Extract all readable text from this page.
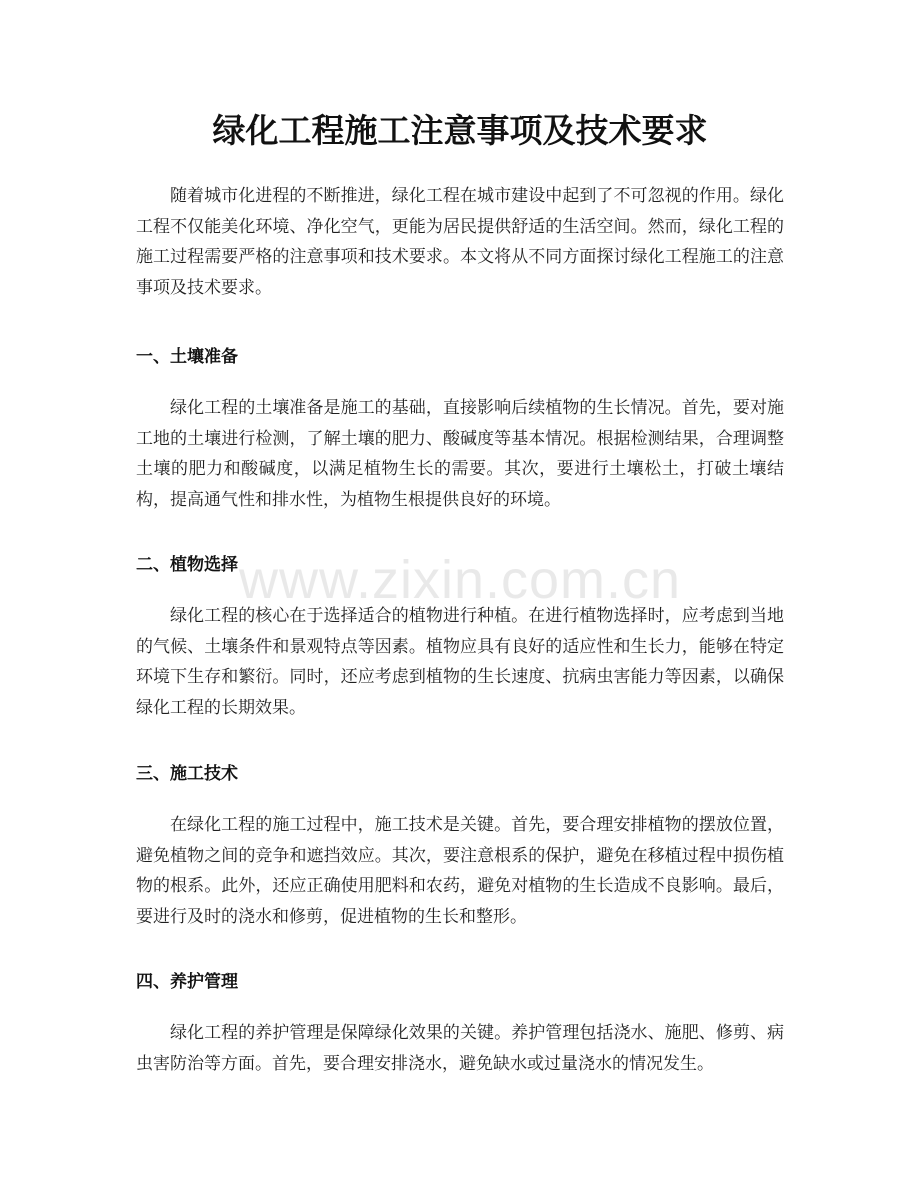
绿化工程施工注意事项及技术要求

随着城市化进程的不断推进，绿化工程在城市建设中起到了不可忽视的作用。绿化工程不仅能美化环境、净化空气，更能为居民提供舒适的生活空间。然而，绿化工程的施工过程需要严格的注意事项和技术要求。本文将从不同方面探讨绿化工程施工的注意事项及技术要求。

一、土壤准备

绿化工程的土壤准备是施工的基础，直接影响后续植物的生长情况。首先，要对施工地的土壤进行检测，了解土壤的肥力、酸碱度等基本情况。根据检测结果，合理调整土壤的肥力和酸碱度，以满足植物生长的需要。其次，要进行土壤松土，打破土壤结构，提高通气性和排水性，为植物生根提供良好的环境。

二、植物选择

绿化工程的核心在于选择适合的植物进行种植。在进行植物选择时，应考虑到当地的气候、土壤条件和景观特点等因素。植物应具有良好的适应性和生长力，能够在特定环境下生存和繁衍。同时，还应考虑到植物的生长速度、抗病虫害能力等因素，以确保绿化工程的长期效果。

三、施工技术

在绿化工程的施工过程中，施工技术是关键。首先，要合理安排植物的摆放位置，避免植物之间的竞争和遮挡效应。其次，要注意根系的保护，避免在移植过程中损伤植物的根系。此外，还应正确使用肥料和农药，避免对植物的生长造成不良影响。最后，要进行及时的浇水和修剪，促进植物的生长和整形。

四、养护管理

绿化工程的养护管理是保障绿化效果的关键。养护管理包括浇水、施肥、修剪、病虫害防治等方面。首先，要合理安排浇水，避免缺水或过量浇水的情况发生。

www.zixin.com.cn
